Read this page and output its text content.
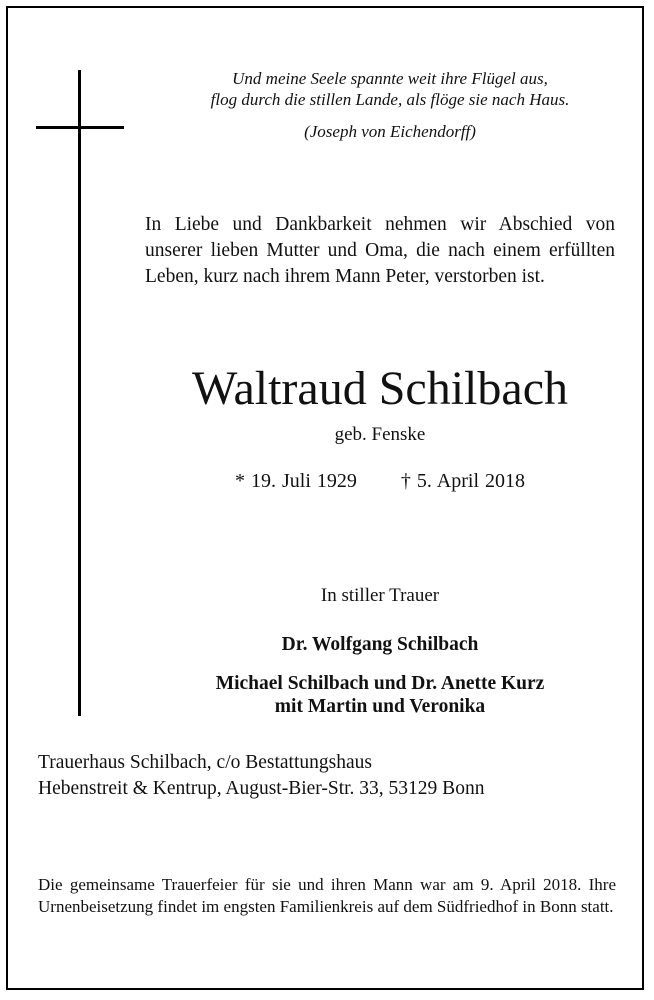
Und meine Seele spannte weit ihre Flügel aus,
flog durch die stillen Lande, als flöge sie nach Haus.
(Joseph von Eichendorff)
In Liebe und Dankbarkeit nehmen wir Abschied von unserer lieben Mutter und Oma, die nach einem erfüllten Leben, kurz nach ihrem Mann Peter, verstorben ist.
Waltraud Schilbach
geb. Fenske
* 19. Juli 1929 † 5. April 2018
In stiller Trauer
Dr. Wolfgang Schilbach
Michael Schilbach und Dr. Anette Kurz
mit Martin und Veronika
Trauerhaus Schilbach, c/o Bestattungshaus
Hebenstreit & Kentrup, August-Bier-Str. 33, 53129 Bonn
Die gemeinsame Trauerfeier für sie und ihren Mann war am 9. April 2018. Ihre Urnenbeisetzung findet im engsten Familienkreis auf dem Südfriedhof in Bonn statt.
